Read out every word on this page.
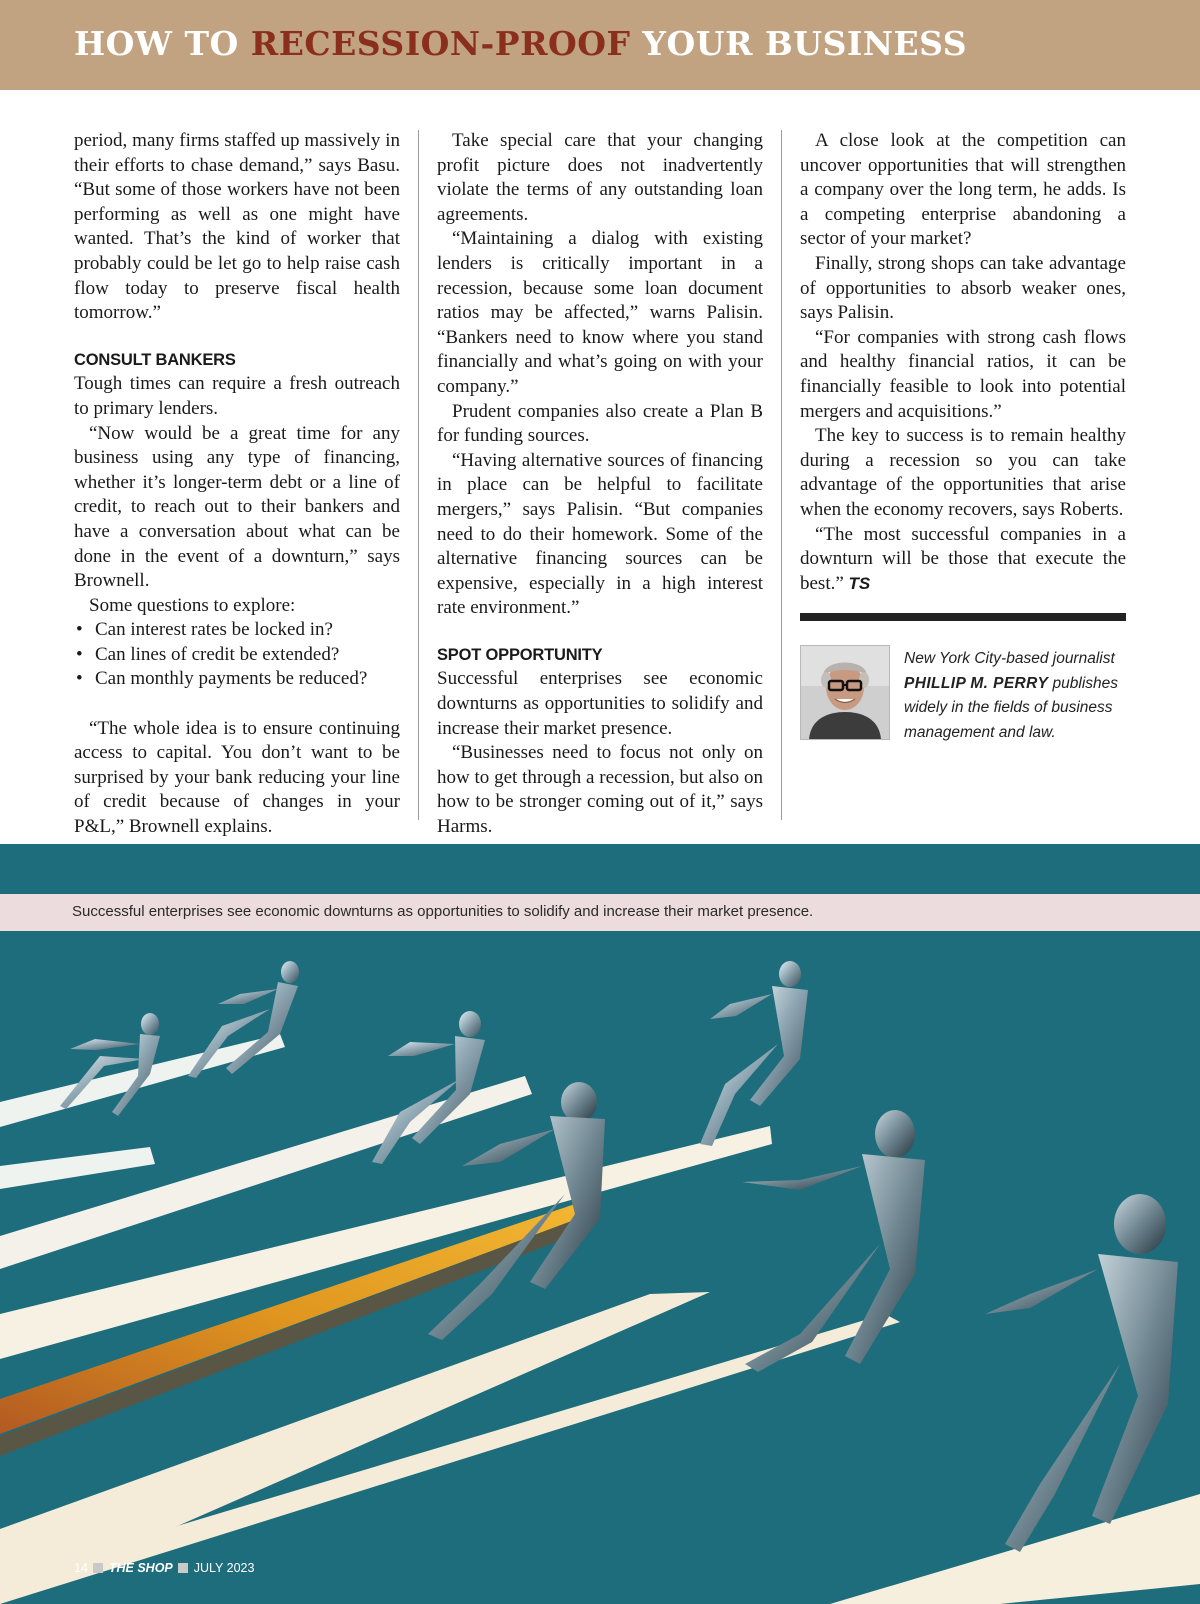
HOW TO RECESSION-PROOF YOUR BUSINESS

period, many firms staffed up massively in their efforts to chase demand,” says Basu. “But some of those workers have not been performing as well as one might have wanted. That’s the kind of worker that probably could be let go to help raise cash flow today to preserve fiscal health tomorrow.”

CONSULT BANKERS

Tough times can require a fresh outreach to primary lenders.

“Now would be a great time for any business using any type of financing, whether it’s longer-term debt or a line of credit, to reach out to their bankers and have a conversation about what can be done in the event of a downturn,” says Brownell.

Some questions to explore:

• Can interest rates be locked in?
• Can lines of credit be extended?
• Can monthly payments be reduced?

“The whole idea is to ensure continuing access to capital. You don’t want to be surprised by your bank reducing your line of credit because of changes in your P&L,” Brownell explains.

Take special care that your changing profit picture does not inadvertently violate the terms of any outstanding loan agreements.

“Maintaining a dialog with existing lenders is critically important in a recession, because some loan document ratios may be affected,” warns Palisin. “Bankers need to know where you stand financially and what’s going on with your company.”

Prudent companies also create a Plan B for funding sources.

“Having alternative sources of financing in place can be helpful to facilitate mergers,” says Palisin. “But companies need to do their homework. Some of the alternative financing sources can be expensive, especially in a high interest rate environment.”

SPOT OPPORTUNITY

Successful enterprises see economic downturns as opportunities to solidify and increase their market presence.

“Businesses need to focus not only on how to get through a recession, but also on how to be stronger coming out of it,” says Harms.

A close look at the competition can uncover opportunities that will strengthen a company over the long term, he adds. Is a competing enterprise abandoning a sector of your market?

Finally, strong shops can take advantage of opportunities to absorb weaker ones, says Palisin.

“For companies with strong cash flows and healthy financial ratios, it can be financially feasible to look into potential mergers and acquisitions.”

The key to success is to remain healthy during a recession so you can take advantage of the opportunities that arise when the economy recovers, says Roberts.

“The most successful companies in a downturn will be those that execute the best.” TS

New York City-based journalist PHILLIP M. PERRY publishes widely in the fields of business management and law.

Successful enterprises see economic downturns as opportunities to solidify and increase their market presence.
14 THE SHOP JULY 2023
